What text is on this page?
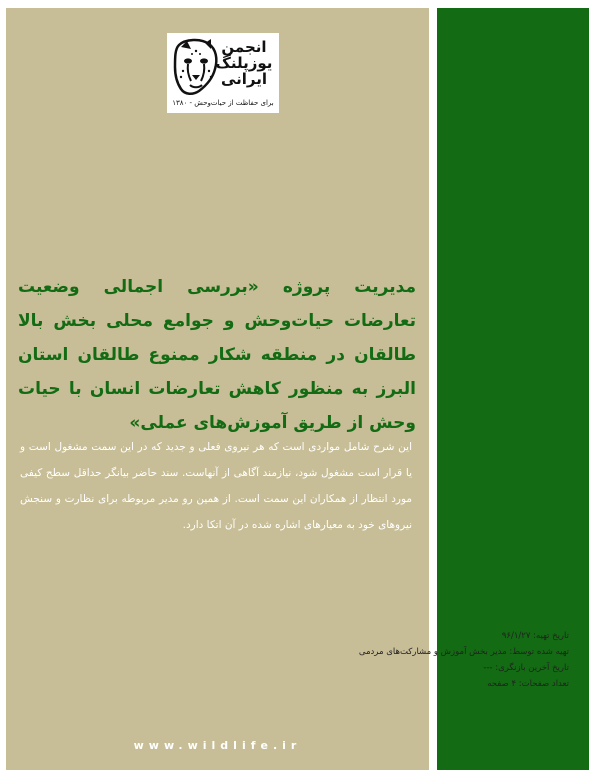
انجمن یوزپلنگ ایرانی
برای حفاظت از حیات‌وحش - ۱۳۸۰
مدیریت پروژه «بررسی اجمالی وضعیت تعارضات حیات‌وحش و جوامع محلی بخش بالا طالقان در منطقه شکار ممنوع طالقان استان البرز به منظور کاهش تعارضات انسان با حیات وحش از طریق آموزش‌های عملی»

این شرح شامل مواردی است که هر نیروی فعلی و جدید که در این سمت مشغول است و یا قرار است مشغول شود، نیازمند آگاهی از آنهاست. سند حاضر بیانگر حداقل سطح کیفی مورد انتظار از همکاران این سمت است. از همین رو مدیر مربوطه برای نظارت و سنجش نیروهای خود به معیارهای اشاره شده در آن اتکا دارد.

تاریخ تهیه: ۹۶/۱/۲۷
تهیه شده توسط: مدیر بخش آموزش و مشارکت‌های مردمی
تاریخ آخرین بازنگری: ---
تعداد صفحات: ۴ صفحه
www.wildlife.ir
